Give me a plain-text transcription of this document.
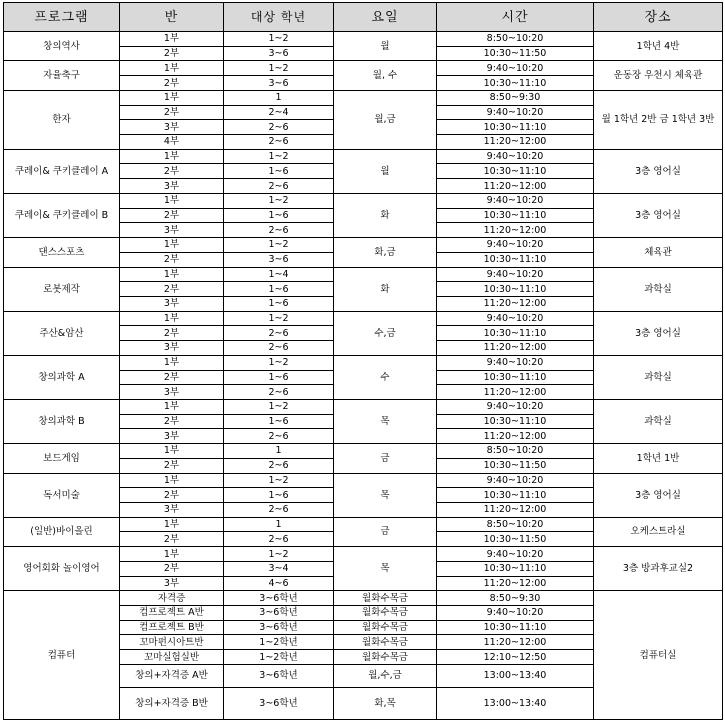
프로그램	반	대상 학년	요일	시간	장소
창의역사	1부	1~2	월	8:50~10:20	1학년 4반
	2부	3~6		10:30~11:50	
자율축구	1부	1~2	월, 수	9:40~10:20	운동장 우천시 체육관
	2부	3~6		10:30~11:10	
한자	1부	1	월,금	8:50~9:30	월 1학년 2반 금 1학년 3반
	2부	2~4		9:40~10:20	
	3부	2~6		10:30~11:10	
	4부	2~6		11:20~12:00	
쿠레이& 쿠키클레이 A	1부	1~2	월	9:40~10:20	3층 영어실
	2부	1~6		10:30~11:10	
	3부	2~6		11:20~12:00	
쿠레이& 쿠키클레이 B	1부	1~2	화	9:40~10:20	3층 영어실
	2부	1~6		10:30~11:10	
	3부	2~6		11:20~12:00	
댄스스포츠	1부	1~2	화,금	9:40~10:20	체육관
	2부	3~6		10:30~11:10	
로봇제작	1부	1~4	화	9:40~10:20	과학실
	2부	1~6		10:30~11:10	
	3부	1~6		11:20~12:00	
주산&암산	1부	1~2	수,금	9:40~10:20	3층 영어실
	2부	2~6		10:30~11:10	
	3부	2~6		11:20~12:00	
창의과학 A	1부	1~2	수	9:40~10:20	과학실
	2부	1~6		10:30~11:10	
	3부	2~6		11:20~12:00	
창의과학 B	1부	1~2	목	9:40~10:20	과학실
	2부	1~6		10:30~11:10	
	3부	2~6		11:20~12:00	
보드게임	1부	1	금	8:50~10:20	1학년 1반
	2부	2~6		10:30~11:50	
독서미술	1부	1~2	목	9:40~10:20	3층 영어실
	2부	1~6		10:30~11:10	
	3부	2~6		11:20~12:00	
(일반)바이올린	1부	1	금	8:50~10:20	오케스트라실
	2부	2~6		10:30~11:50	
영어회화 놀이영어	1부	1~2	목	9:40~10:20	3층 방과후교실2
	2부	3~4		10:30~11:10	
	3부	4~6		11:20~12:00	
컴퓨터	자격증	3~6학년	월화수목금	8:50~9:30	컴퓨터실
	컴프로젝트 A반	3~6학년	월화수목금	9:40~10:20	
	컴프로젝트 B반	3~6학년	월화수목금	10:30~11:10	
	꼬마펀시아트반	1~2학년	월화수목금	11:20~12:00	
	꼬마실험실반	1~2학년	월화수목금	12:10~12:50	
	창의+자격증 A반	3~6학년	월,수,금	13:00~13:40	
	창의+자격증 B반	3~6학년	화,목	13:00~13:40	
